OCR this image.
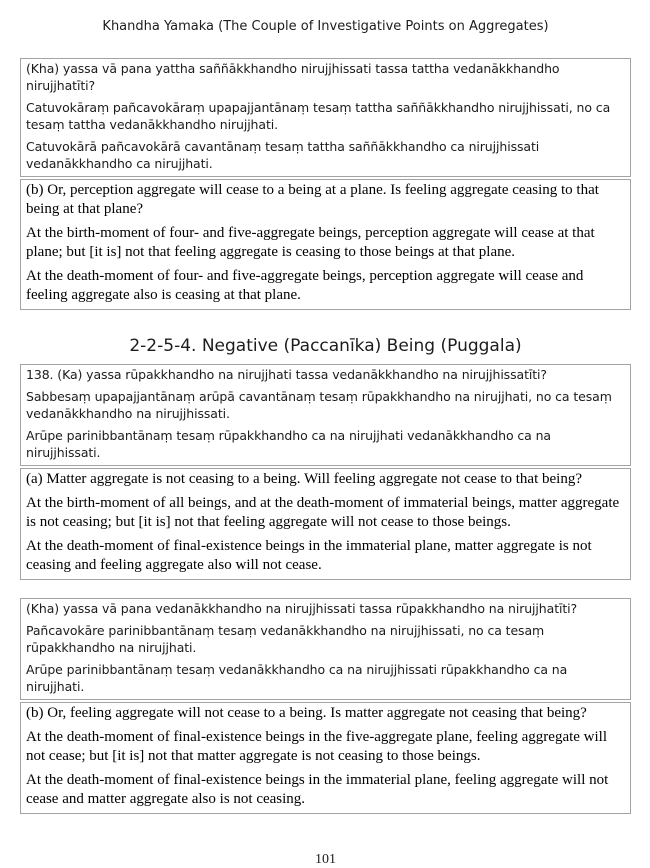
Khandha Yamaka (The Couple of Investigative Points on Aggregates)

(Kha) yassa vā pana yattha saññākkhandho nirujjhissati tassa tattha vedanākkhandho nirujjhatīti?

Catuvokāraṃ pañcavokāraṃ upapajjantānaṃ tesaṃ tattha saññākkhandho nirujjhissati, no ca tesaṃ tattha vedanākkhandho nirujjhati.

Catuvokārā pañcavokārā cavantānaṃ tesaṃ tattha saññākkhandho ca nirujjhissati vedanākkhandho ca nirujjhati.

(b) Or, perception aggregate will cease to a being at a plane. Is feeling aggregate ceasing to that being at that plane?

At the birth-moment of four- and five-aggregate beings, perception aggregate will cease at that plane; but [it is] not that feeling aggregate is ceasing to those beings at that plane.

At the death-moment of four- and five-aggregate beings, perception aggregate will cease and feeling aggregate also is ceasing at that plane.

2-2-5-4. Negative (Paccanīka) Being (Puggala)

138. (Ka) yassa rūpakkhandho na nirujjhati tassa vedanākkhandho na nirujjhissatīti?

Sabbesaṃ upapajjantānaṃ arūpā cavantānaṃ tesaṃ rūpakkhandho na nirujjhati, no ca tesaṃ vedanākkhandho na nirujjhissati.

Arūpe parinibbantānaṃ tesaṃ rūpakkhandho ca na nirujjhati vedanākkhandho ca na nirujjhissati.

(a) Matter aggregate is not ceasing to a being. Will feeling aggregate not cease to that being?

At the birth-moment of all beings, and at the death-moment of immaterial beings, matter aggregate is not ceasing; but [it is] not that feeling aggregate will not cease to those beings.

At the death-moment of final-existence beings in the immaterial plane, matter aggregate is not ceasing and feeling aggregate also will not cease.

(Kha) yassa vā pana vedanākkhandho na nirujjhissati tassa rūpakkhandho na nirujjhatīti?

Pañcavokāre parinibbantānaṃ tesaṃ vedanākkhandho na nirujjhissati, no ca tesaṃ rūpakkhandho na nirujjhati.

Arūpe parinibbantānaṃ tesaṃ vedanākkhandho ca na nirujjhissati rūpakkhandho ca na nirujjhati.

(b) Or, feeling aggregate will not cease to a being. Is matter aggregate not ceasing that being?

At the death-moment of final-existence beings in the five-aggregate plane, feeling aggregate will not cease; but [it is] not that matter aggregate is not ceasing to those beings.

At the death-moment of final-existence beings in the immaterial plane, feeling aggregate will not cease and matter aggregate also is not ceasing.

101
